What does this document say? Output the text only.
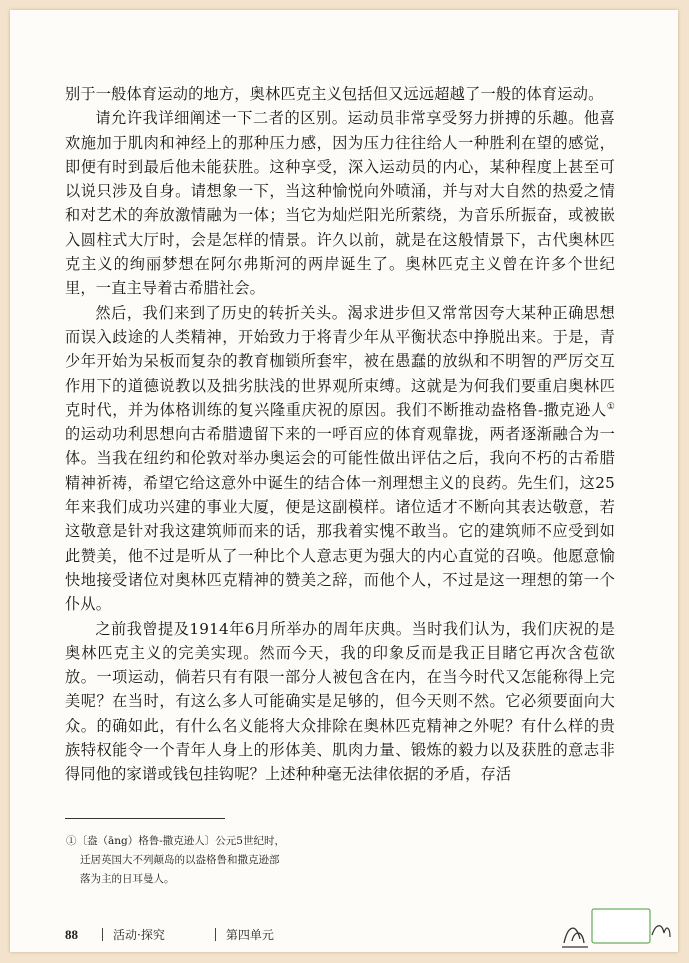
别于一般体育运动的地方，奥林匹克主义包括但又远远超越了一般的体育运动。

请允许我详细阐述一下二者的区别。运动员非常享受努力拼搏的乐趣。他喜欢施加于肌肉和神经上的那种压力感，因为压力往往给人一种胜利在望的感觉，即便有时到最后他未能获胜。这种享受，深入运动员的内心，某种程度上甚至可以说只涉及自身。请想象一下，当这种愉悦向外喷涌，并与对大自然的热爱之情和对艺术的奔放激情融为一体；当它为灿烂阳光所萦绕，为音乐所振奋，或被嵌入圆柱式大厅时，会是怎样的情景。许久以前，就是在这般情景下，古代奥林匹克主义的绚丽梦想在阿尔弗斯河的两岸诞生了。奥林匹克主义曾在许多个世纪里，一直主导着古希腊社会。

然后，我们来到了历史的转折关头。渴求进步但又常常因夸大某种正确思想而误入歧途的人类精神，开始致力于将青少年从平衡状态中挣脱出来。于是，青少年开始为呆板而复杂的教育枷锁所套牢，被在愚蠢的放纵和不明智的严厉交互作用下的道德说教以及拙劣肤浅的世界观所束缚。这就是为何我们要重启奥林匹克时代，并为体格训练的复兴隆重庆祝的原因。我们不断推动盎格鲁-撒克逊人①的运动功利思想向古希腊遗留下来的一呼百应的体育观靠拢，两者逐渐融合为一体。当我在纽约和伦敦对举办奥运会的可能性做出评估之后，我向不朽的古希腊精神祈祷，希望它给这意外中诞生的结合体一剂理想主义的良药。先生们，这25年来我们成功兴建的事业大厦，便是这副模样。诸位适才不断向其表达敬意，若这敬意是针对我这建筑师而来的话，那我着实愧不敢当。它的建筑师不应受到如此赞美，他不过是听从了一种比个人意志更为强大的内心直觉的召唤。他愿意愉快地接受诸位对奥林匹克精神的赞美之辞，而他个人，不过是这一理想的第一个仆从。

之前我曾提及1914年6月所举办的周年庆典。当时我们认为，我们庆祝的是奥林匹克主义的完美实现。然而今天，我的印象反而是我正目睹它再次含苞欲放。一项运动，倘若只有有限一部分人被包含在内，在当今时代又怎能称得上完美呢？在当时，有这么多人可能确实是足够的，但今天则不然。它必须要面向大众。的确如此，有什么名义能将大众排除在奥林匹克精神之外呢？有什么样的贵族特权能令一个青年人身上的形体美、肌肉力量、锻炼的毅力以及获胜的意志非得同他的家谱或钱包挂钩呢？上述种种毫无法律依据的矛盾，存活

①〔盎（āng）格鲁-撒克逊人〕公元5世纪时，
迁居英国大不列颠岛的以盎格鲁和撒克逊部
落为主的日耳曼人。
88	活动·探究	第四单元
